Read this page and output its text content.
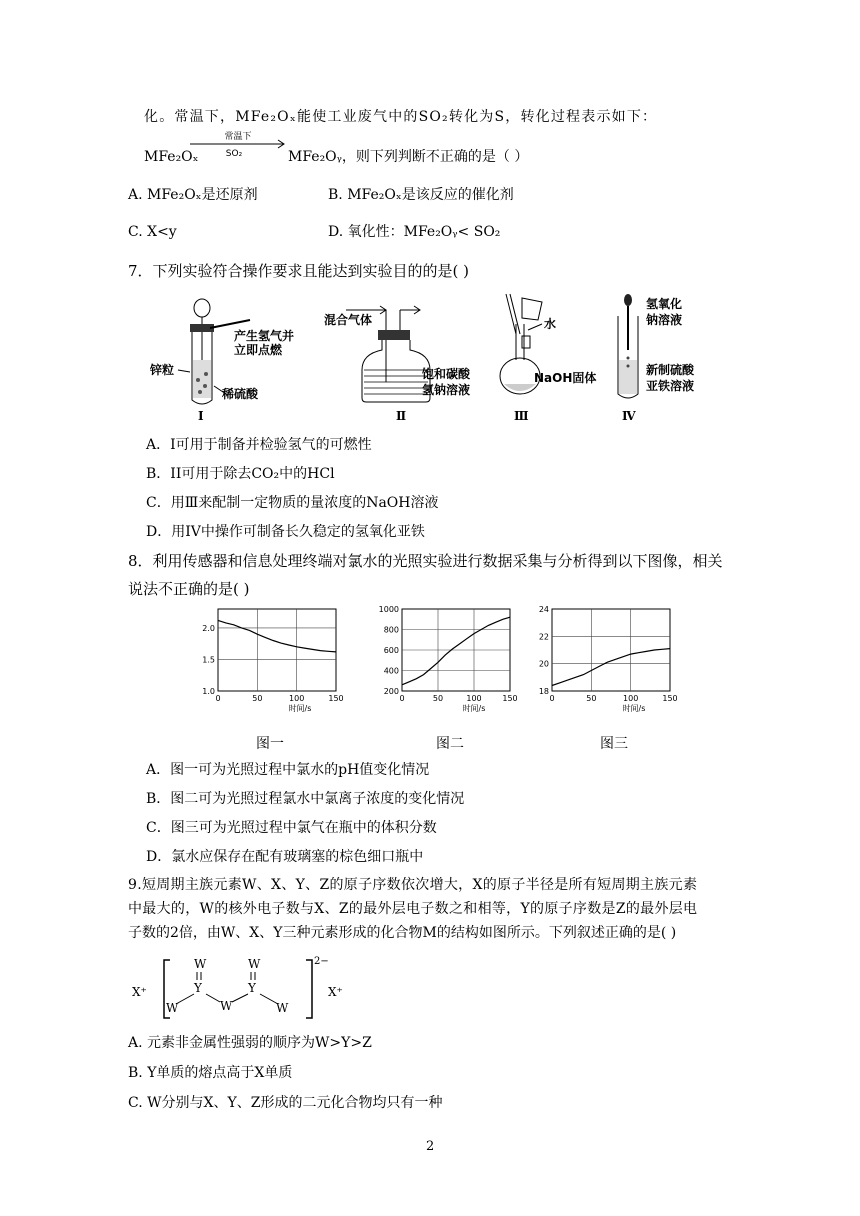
化。常温下，MFe₂Oₓ能使工业废气中的SO₂转化为S，转化过程表示如下：
MFe₂Oₓ
常温下
SO₂	MFe₂Oᵧ，则下列判断不正确的是（ ）
A. MFe₂Oₓ是还原剂	B. MFe₂Oₓ是该反应的催化剂
C. X<y	D. 氧化性：MFe₂Oᵧ< SO₂
7．下列实验符合操作要求且能达到实验目的的是( )
产生氢气并
立即点燃
锌粒
稀硫酸
Ⅰ
混合气体
饱和碳酸
氢钠溶液
Ⅱ
水
NaOH固体
Ⅲ
氢氧化
钠溶液
新制硫酸
亚铁溶液
Ⅳ
A．I可用于制备并检验氢气的可燃性
B．II可用于除去CO₂中的HCl
C．用Ⅲ来配制一定物质的量浓度的NaOH溶液
D．用IV中操作可制备长久稳定的氢氧化亚铁
8．利用传感器和信息处理终端对氯水的光照实验进行数据采集与分析得到以下图像，相关
说法不正确的是( )
0	50	100	150
1.0
1.5
2.0
时间/s
0	50	100	150
200
400
600
800
1000
时间/s
0	50	100	150
18
20
22
24
时间/s
图一	图二	图三
A．图一可为光照过程中氯水的pH值变化情况
B．图二可为光照过程氯水中氯离子浓度的变化情况
C．图三可为光照过程中氯气在瓶中的体积分数
D．氯水应保存在配有玻璃塞的棕色细口瓶中
9.短周期主族元素W、X、Y、Z的原子序数依次增大，X的原子半径是所有短周期主族元素
中最大的，W的核外电子数与X、Z的最外层电子数之和相等，Y的原子序数是Z的最外层电
子数的2倍，由W、X、Y三种元素形成的化合物M的结构如图所示。下列叙述正确的是( )
X⁺
2−
X⁺
W
Y
W
Y
W	W	W
A. 元素非金属性强弱的顺序为W>Y>Z
B. Y单质的熔点高于X单质
C. W分别与X、Y、Z形成的二元化合物均只有一种
2
